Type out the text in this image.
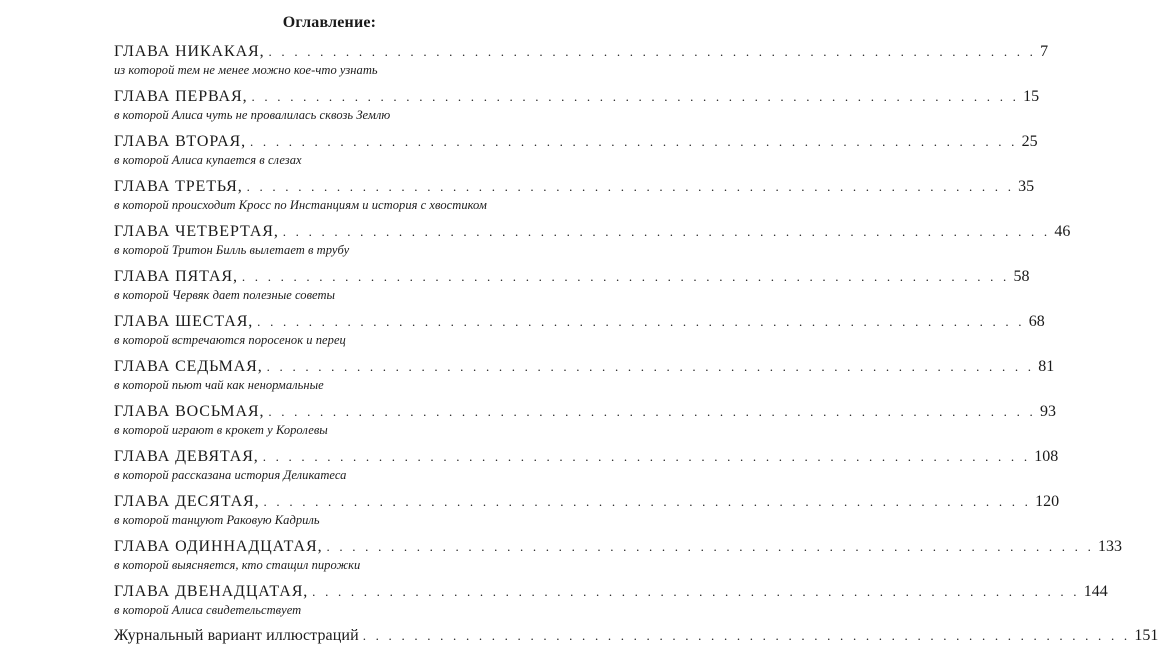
Оглавление:
ГЛАВА НИКАКАЯ, . . . . . . . . . . . . . . . . . . . . . . . . . . . . . . . . . . . . . . . . . . . . . . . . . . . . . . . . . . . . 7
из которой тем не менее можно кое-что узнать
ГЛАВА ПЕРВАЯ, . . . . . . . . . . . . . . . . . . . . . . . . . . . . . . . . . . . . . . . . . . . . . . . . . . . . . . . . . . . . 15
в которой Алиса чуть не провалилась сквозь Землю
ГЛАВА ВТОРАЯ, . . . . . . . . . . . . . . . . . . . . . . . . . . . . . . . . . . . . . . . . . . . . . . . . . . . . . . . . . . . . 25
в которой Алиса купается в слезах
ГЛАВА ТРЕТЬЯ, . . . . . . . . . . . . . . . . . . . . . . . . . . . . . . . . . . . . . . . . . . . . . . . . . . . . . . . . . . . . 35
в которой происходит Кросс по Инстанциям и история с хвостиком
ГЛАВА ЧЕТВЕРТАЯ, . . . . . . . . . . . . . . . . . . . . . . . . . . . . . . . . . . . . . . . . . . . . . . . . . . . . . . . . . . . . 46
в которой Тритон Билль вылетает в трубу
ГЛАВА ПЯТАЯ, . . . . . . . . . . . . . . . . . . . . . . . . . . . . . . . . . . . . . . . . . . . . . . . . . . . . . . . . . . . . 58
в которой Червяк дает полезные советы
ГЛАВА ШЕСТАЯ, . . . . . . . . . . . . . . . . . . . . . . . . . . . . . . . . . . . . . . . . . . . . . . . . . . . . . . . . . . . . 68
в которой встречаются поросенок и перец
ГЛАВА СЕДЬМАЯ, . . . . . . . . . . . . . . . . . . . . . . . . . . . . . . . . . . . . . . . . . . . . . . . . . . . . . . . . . . . . 81
в которой пьют чай как ненормальные
ГЛАВА ВОСЬМАЯ, . . . . . . . . . . . . . . . . . . . . . . . . . . . . . . . . . . . . . . . . . . . . . . . . . . . . . . . . . . . . 93
в которой играют в крокет у Королевы
ГЛАВА ДЕВЯТАЯ, . . . . . . . . . . . . . . . . . . . . . . . . . . . . . . . . . . . . . . . . . . . . . . . . . . . . . . . . . . . . 108
в которой рассказана история Деликатеса
ГЛАВА ДЕСЯТАЯ, . . . . . . . . . . . . . . . . . . . . . . . . . . . . . . . . . . . . . . . . . . . . . . . . . . . . . . . . . . . . 120
в которой танцуют Раковую Кадриль
ГЛАВА ОДИННАДЦАТАЯ, . . . . . . . . . . . . . . . . . . . . . . . . . . . . . . . . . . . . . . . . . . . . . . . . . . . . . . . . . . . . 133
в которой выясняется, кто стащил пирожки
ГЛАВА ДВЕНАДЦАТАЯ, . . . . . . . . . . . . . . . . . . . . . . . . . . . . . . . . . . . . . . . . . . . . . . . . . . . . . . . . . . . . 144
в которой Алиса свидетельствует
Журнальный вариант иллюстраций . . . . . . . . . . . . . . . . . . . . . . . . . . . . . . . . . . . . . . . . . . . . . . . . . . . . . . . . . . . . 151
